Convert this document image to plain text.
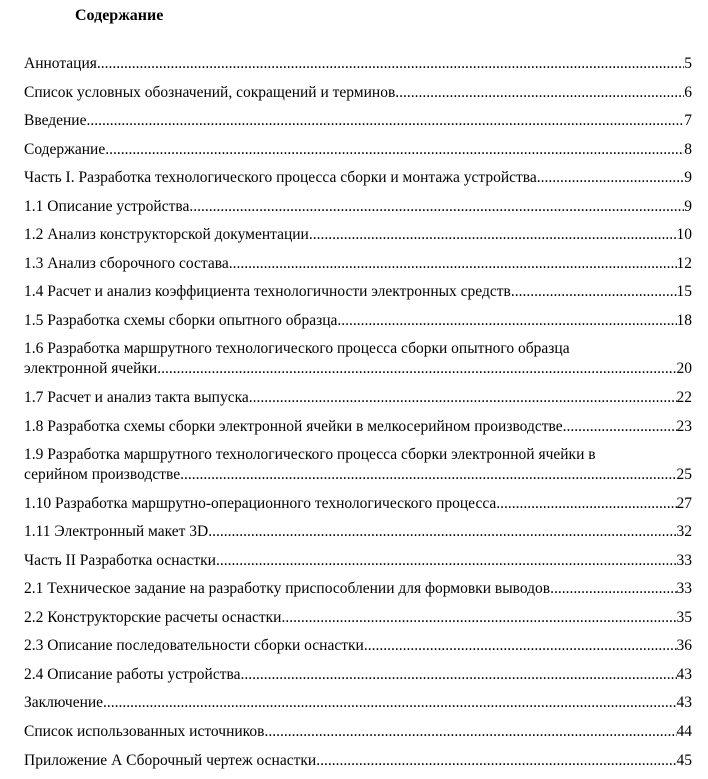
Содержание
Аннотация .....	5
Список условных обозначений, сокращений и терминов .....	6
Введение .....	7
Содержание .....	8
Часть I. Разработка технологического процесса сборки и монтажа устройства .....	9
1.1 Описание устройства .....	9
1.2 Анализ конструкторской документации .....	10
1.3 Анализ сборочного состава .....	12
1.4 Расчет и анализ коэффициента технологичности электронных средств .....	15
1.5 Разработка схемы сборки опытного образца .....	18
1.6 Разработка маршрутного технологического процесса сборки опытного образца
электронной ячейки .....	20
1.7 Расчет и анализ такта выпуска .....	22
1.8 Разработка схемы сборки электронной ячейки в мелкосерийном производстве .....	23
1.9 Разработка маршрутного технологического процесса сборки электронной ячейки в
серийном производстве .....	25
1.10 Разработка маршрутно-операционного технологического процесса .....	27
1.11 Электронный макет 3D .....	32
Часть II Разработка оснастки .....	33
2.1 Техническое задание на разработку приспособлении для формовки выводов .....	33
2.2 Конструкторские расчеты оснастки .....	35
2.3 Описание последовательности сборки оснастки .....	36
2.4 Описание работы устройства .....	43
Заключение .....	43
Список использованных источников .....	44
Приложение А Сборочный чертеж оснастки .....	45
